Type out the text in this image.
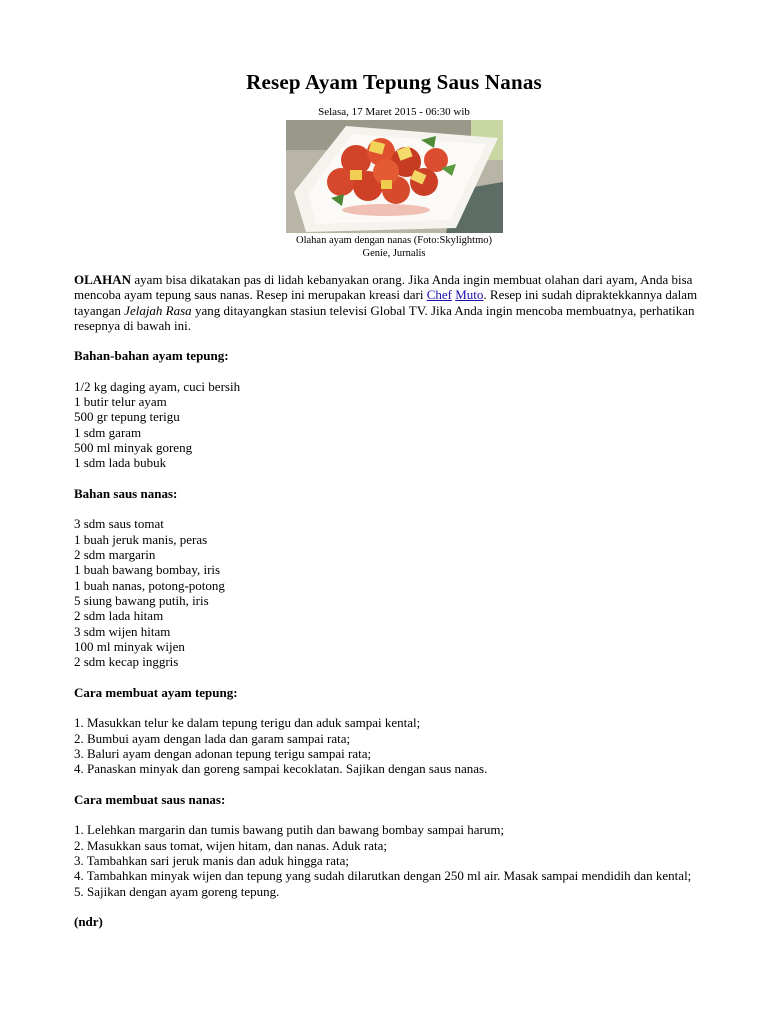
Resep Ayam Tepung Saus Nanas
Selasa, 17 Maret 2015 - 06:30 wib
Olahan ayam dengan nanas (Foto:Skylightmo)
Genie, Jurnalis

OLAHAN ayam bisa dikatakan pas di lidah kebanyakan orang. Jika Anda ingin membuat olahan dari ayam, Anda bisa mencoba ayam tepung saus nanas. Resep ini merupakan kreasi dari Chef Muto. Resep ini sudah dipraktekkannya dalam tayangan Jelajah Rasa yang ditayangkan stasiun televisi Global TV. Jika Anda ingin mencoba membuatnya, perhatikan resepnya di bawah ini.

Bahan-bahan ayam tepung:
1/2 kg daging ayam, cuci bersih
1 butir telur ayam
500 gr tepung terigu
1 sdm garam
500 ml minyak goreng
1 sdm lada bubuk
Bahan saus nanas:
3 sdm saus tomat
1 buah jeruk manis, peras
2 sdm margarin
1 buah bawang bombay, iris
1 buah nanas, potong-potong
5 siung bawang putih, iris
2 sdm lada hitam
3 sdm wijen hitam
100 ml minyak wijen
2 sdm kecap inggris
Cara membuat ayam tepung:
1. Masukkan telur ke dalam tepung terigu dan aduk sampai kental;
2. Bumbui ayam dengan lada dan garam sampai rata;
3. Baluri ayam dengan adonan tepung terigu sampai rata;
4. Panaskan minyak dan goreng sampai kecoklatan. Sajikan dengan saus nanas.
Cara membuat saus nanas:
1. Lelehkan margarin dan tumis bawang putih dan bawang bombay sampai harum;
2. Masukkan saus tomat, wijen hitam, dan nanas. Aduk rata;
3. Tambahkan sari jeruk manis dan aduk hingga rata;
4. Tambahkan minyak wijen dan tepung yang sudah dilarutkan dengan 250 ml air. Masak sampai mendidih dan kental;
5. Sajikan dengan ayam goreng tepung.
(ndr)
